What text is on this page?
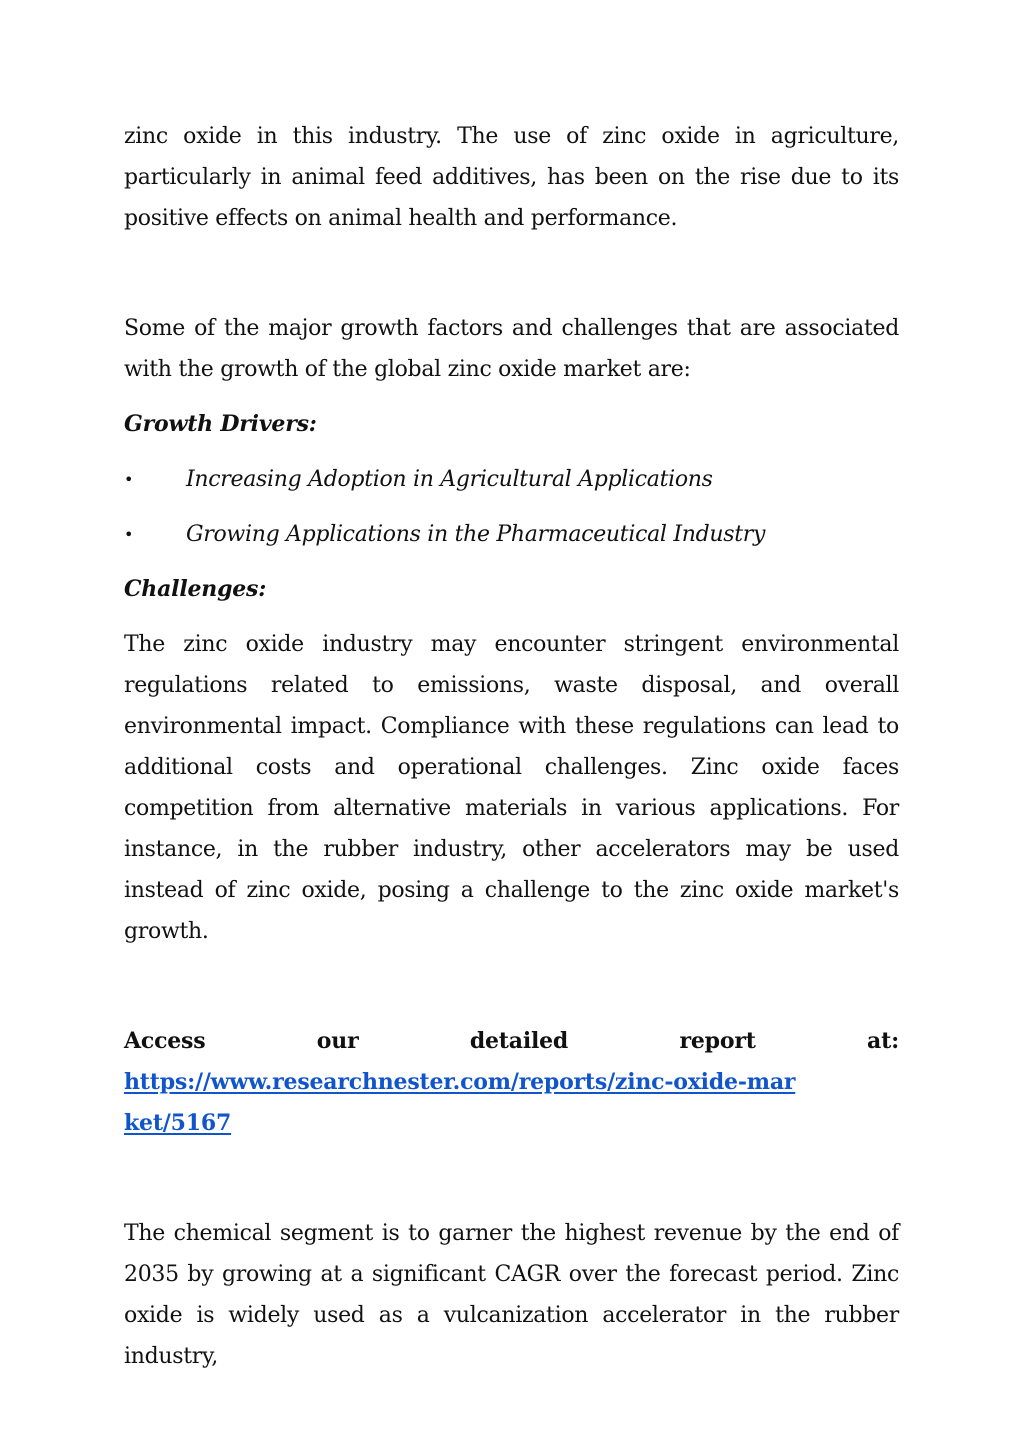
zinc oxide in this industry. The use of zinc oxide in agriculture, particularly in animal feed additives, has been on the rise due to its positive effects on animal health and performance.

Some of the major growth factors and challenges that are associated with the growth of the global zinc oxide market are:

Growth Drivers:
• Increasing Adoption in Agricultural Applications
• Growing Applications in the Pharmaceutical Industry
Challenges:

The zinc oxide industry may encounter stringent environmental regulations related to emissions, waste disposal, and overall environmental impact. Compliance with these regulations can lead to additional costs and operational challenges. Zinc oxide faces competition from alternative materials in various applications. For instance, in the rubber industry, other accelerators may be used instead of zinc oxide, posing a challenge to the zinc oxide market's growth.

Access	our	detailed	report	at:
https://www.researchnester.com/reports/zinc-oxide-market/5167

The chemical segment is to garner the highest revenue by the end of 2035 by growing at a significant CAGR over the forecast period. Zinc oxide is widely used as a vulcanization accelerator in the rubber industry,
